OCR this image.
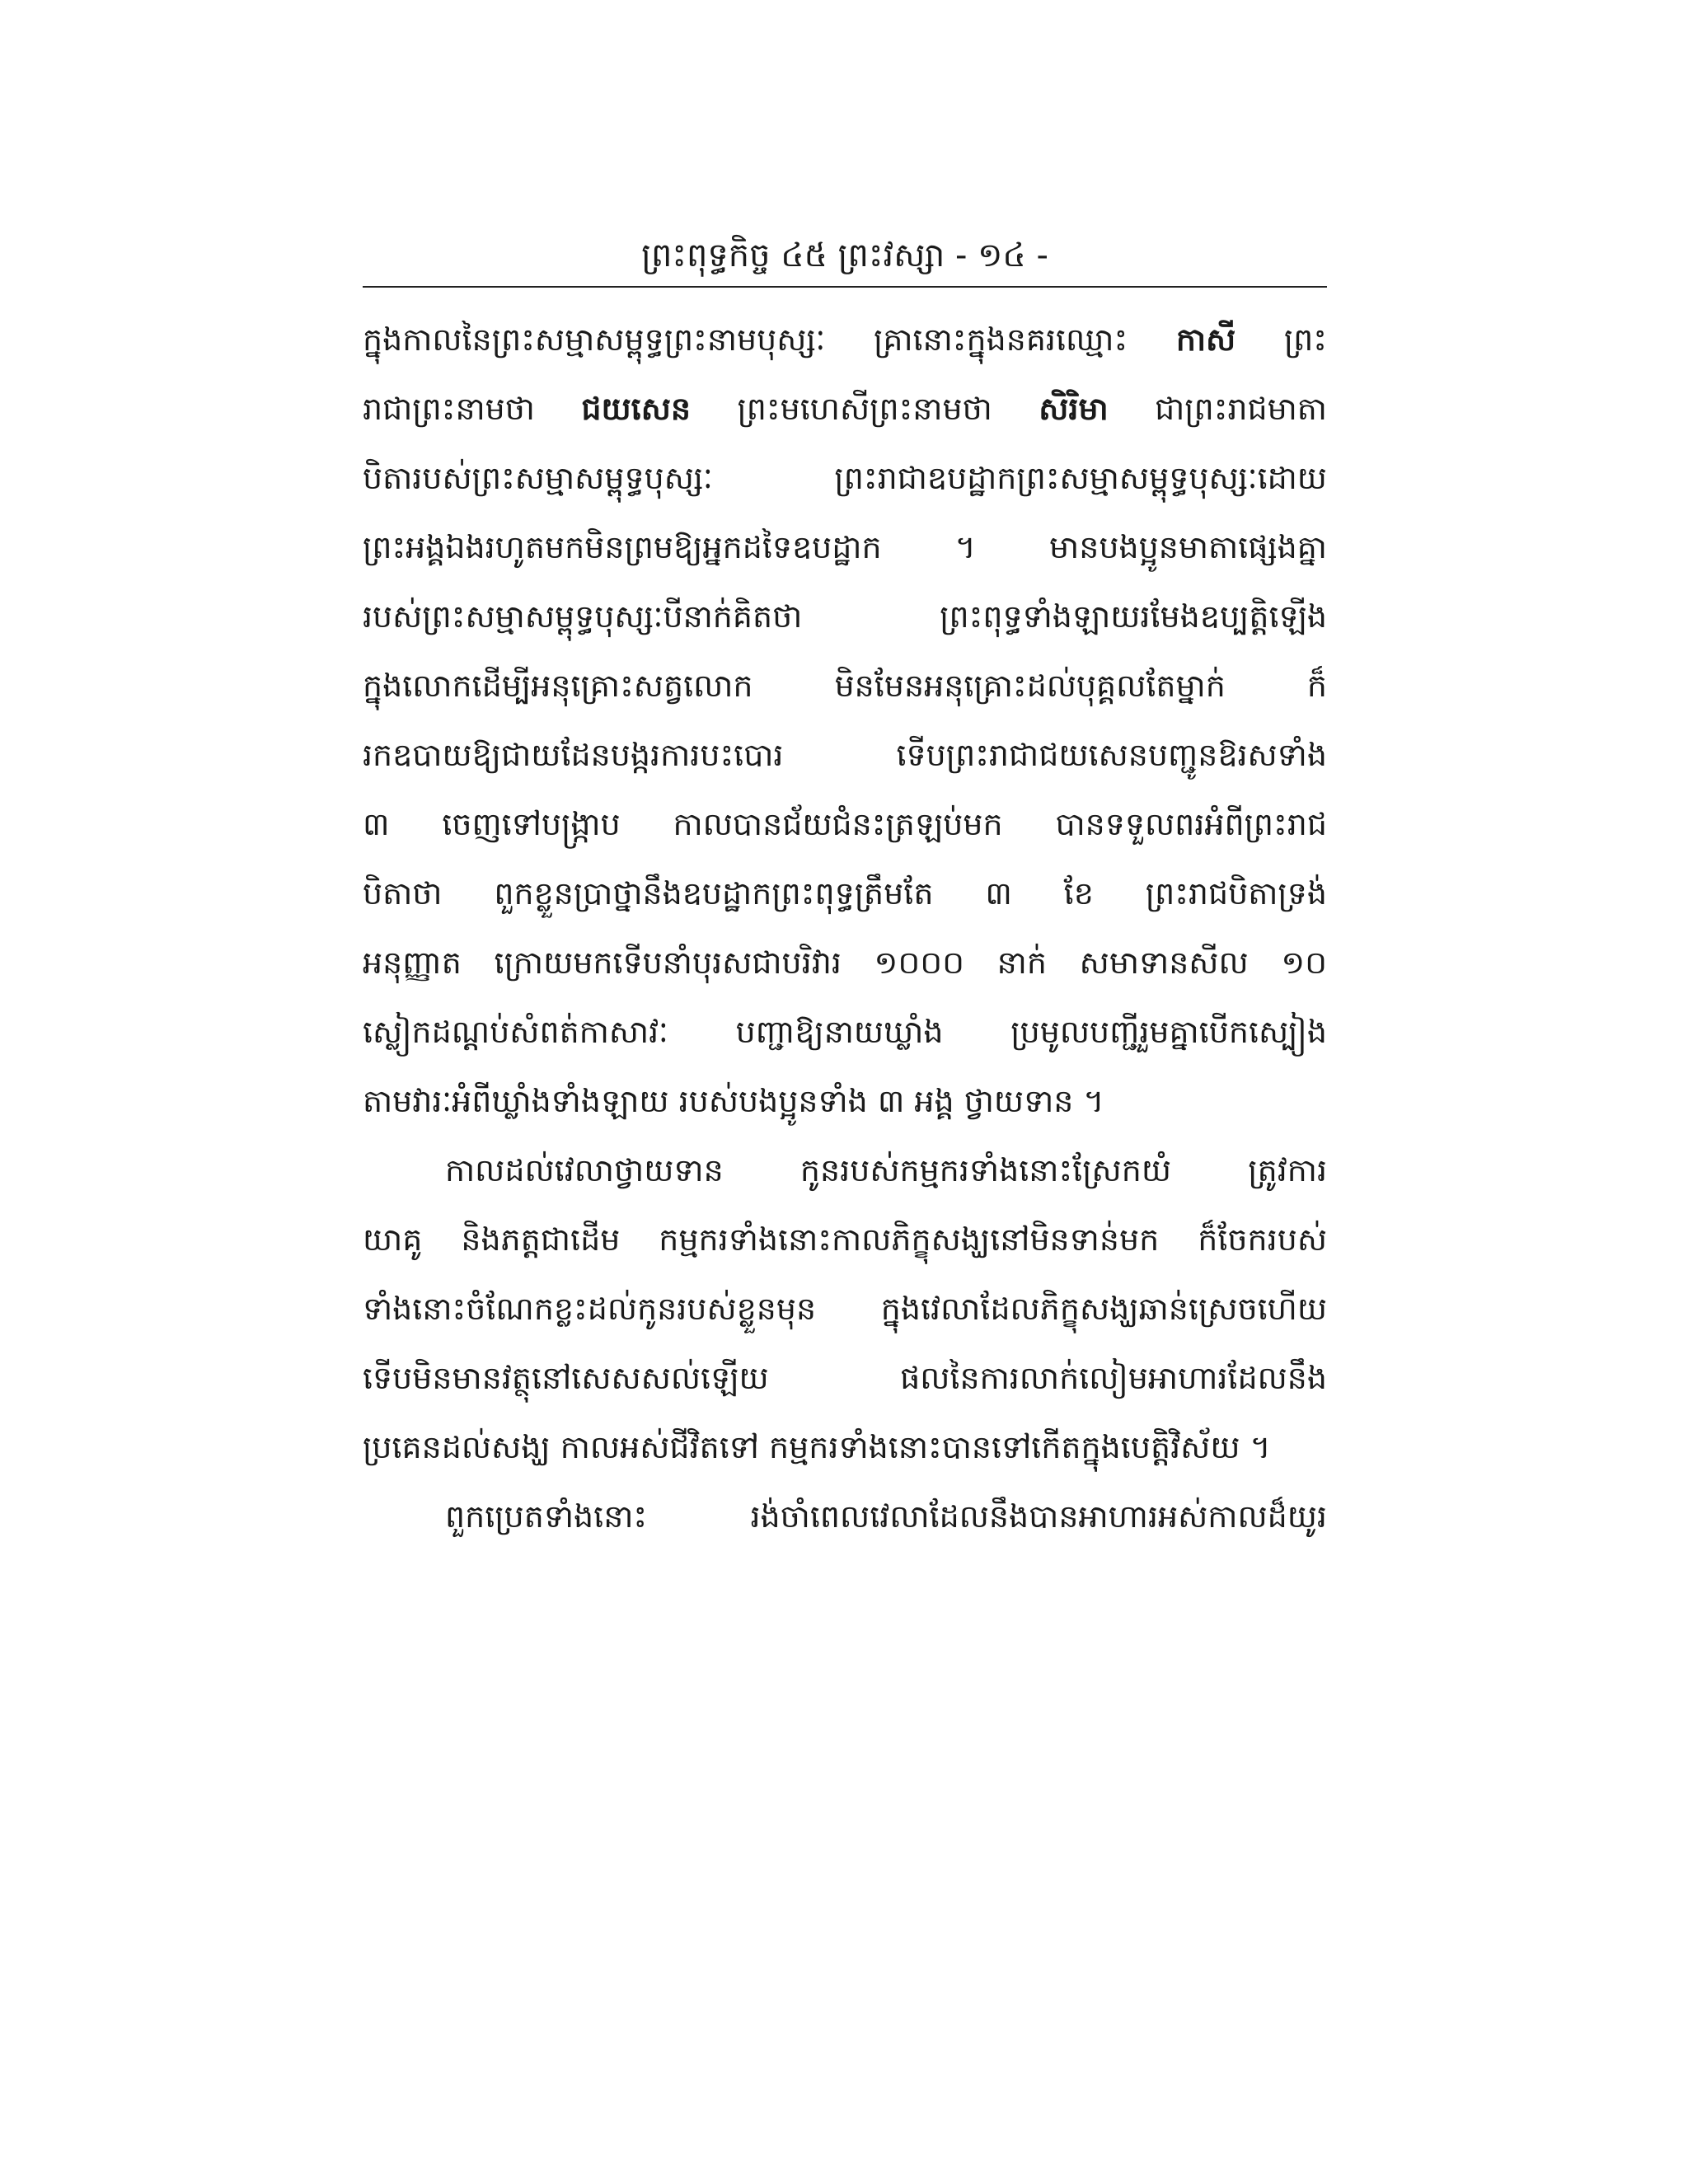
ព្រះពុទ្ធកិច្ច ៤៥ ព្រះវស្សា - ១៤ -
ក្នុងកាលនៃព្រះសម្មាសម្ពុទ្ធព្រះនាមបុស្សៈ គ្រានោះក្នុងនគរឈ្មោះ កាសី ព្រះ
រាជាព្រះនាមថា ជយសេន ព្រះមហេសីព្រះនាមថា សិរិមា ជាព្រះរាជមាតា
បិតារបស់ព្រះសម្មាសម្ពុទ្ធបុស្សៈ ព្រះរាជាឧបដ្ឋាកព្រះសម្មាសម្ពុទ្ធបុស្សៈដោយ
ព្រះអង្គឯងរហូតមកមិនព្រមឱ្យអ្នកដទៃឧបដ្ឋាក ។ មានបងប្អូនមាតាផ្សេងគ្នា
របស់ព្រះសម្មាសម្ពុទ្ធបុស្សៈបីនាក់គិតថា ព្រះពុទ្ធទាំងឡាយរមែងឧប្បត្តិឡើង
ក្នុងលោកដើម្បីអនុគ្រោះសត្វលោក មិនមែនអនុគ្រោះដល់បុគ្គលតែម្នាក់ ក៏
រកឧបាយឱ្យជាយដែនបង្ករការបះបោរ ទើបព្រះរាជាជយសេនបញ្ជូនឱរសទាំង
៣ ចេញទៅបង្ក្រាប កាលបានជ័យជំនះត្រឡប់មក បានទទួលពរអំពីព្រះរាជ
បិតាថា ពួកខ្លួនប្រាថ្នានឹងឧបដ្ឋាកព្រះពុទ្ធត្រឹមតែ ៣ ខែ ព្រះរាជបិតាទ្រង់
អនុញ្ញាត ក្រោយមកទើបនាំបុរសជាបរិវារ ១០០០ នាក់ សមាទានសីល ១០
ស្លៀកដណ្ដប់សំពត់កាសាវៈ បញ្ជាឱ្យនាយឃ្លាំង ប្រមូលបញ្ជីរួមគ្នាបើកស្បៀង
តាមវារៈអំពីឃ្លាំងទាំងឡាយ របស់បងប្អូនទាំង ៣ អង្គ ថ្វាយទាន ។
កាលដល់វេលាថ្វាយទាន កូនរបស់កម្មករទាំងនោះស្រែកយំ ត្រូវការ
យាគូ និងភត្តជាដើម កម្មករទាំងនោះកាលភិក្ខុសង្ឃនៅមិនទាន់មក ក៏ចែករបស់
ទាំងនោះចំណែកខ្លះដល់កូនរបស់ខ្លួនមុន ក្នុងវេលាដែលភិក្ខុសង្ឃឆាន់ស្រេចហើយ
ទើបមិនមានវត្ថុនៅសេសសល់ឡើយ ផលនៃការលាក់លៀមអាហារដែលនឹង
ប្រគេនដល់សង្ឃ កាលអស់ជីវិតទៅ កម្មករទាំងនោះបានទៅកើតក្នុងបេត្តិវិស័យ ។
ពួកប្រេតទាំងនោះ រង់ចាំពេលវេលាដែលនឹងបានអាហារអស់កាលដ៏យូរ
